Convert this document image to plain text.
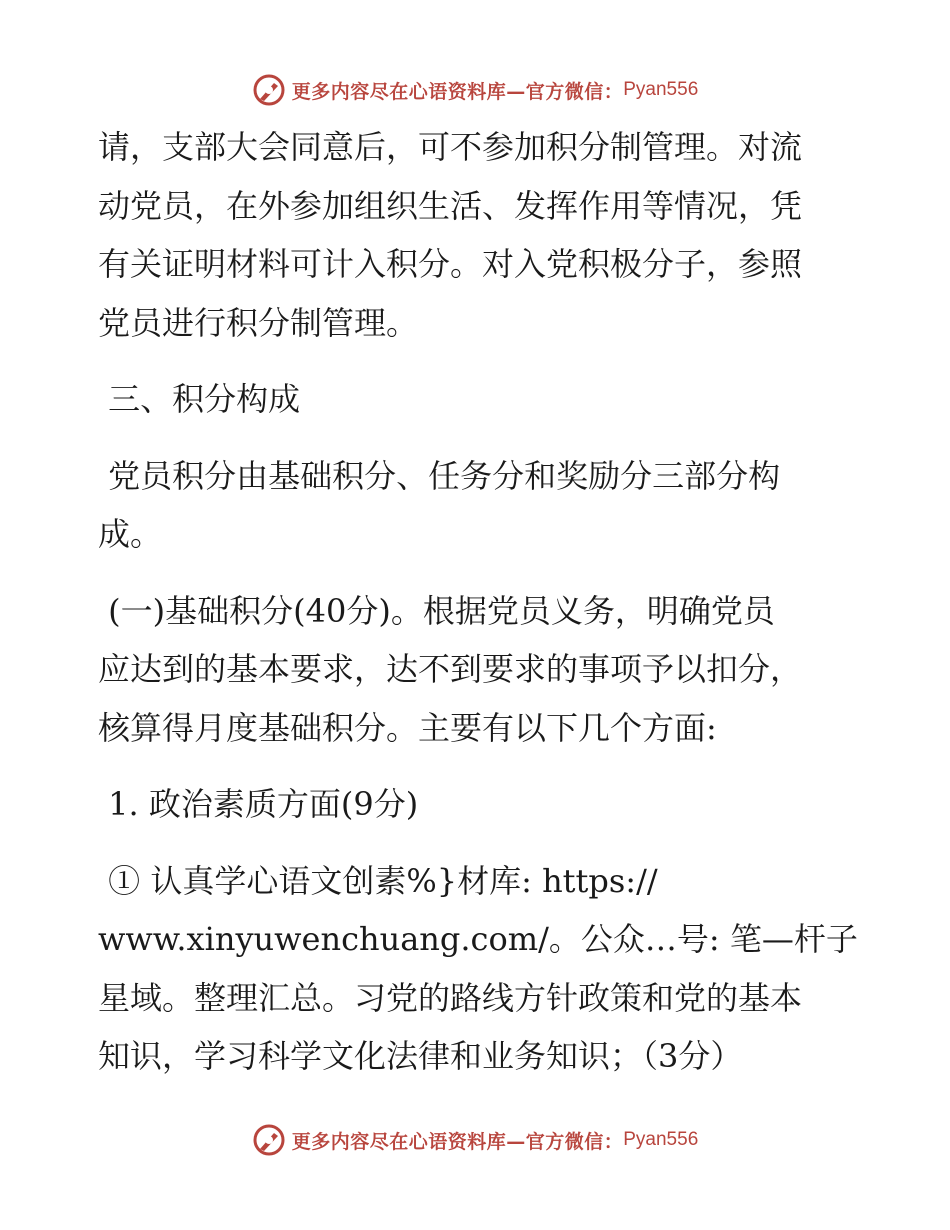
更多内容尽在心语资料库—官方微信： Pyan556

请，支部大会同意后，可不参加积分制管理。对流

动党员，在外参加组织生活、发挥作用等情况，凭

有关证明材料可计入积分。对入党积极分子，参照

党员进行积分制管理。

三、积分构成

党员积分由基础积分、任务分和奖励分三部分构

成。

(一)基础积分(40分)。根据党员义务，明确党员

应达到的基本要求，达不到要求的事项予以扣分，

核算得月度基础积分。主要有以下几个方面:

1. 政治素质方面(9分)

① 认真学心语文创素%}材库: https://

www.xinyuwenchuang.com/。公众…号: 笔—杆子

星域。整理汇总。习党的路线方针政策和党的基本

知识，学习科学文化法律和业务知识；（3分）

更多内容尽在心语资料库—官方微信： Pyan556
